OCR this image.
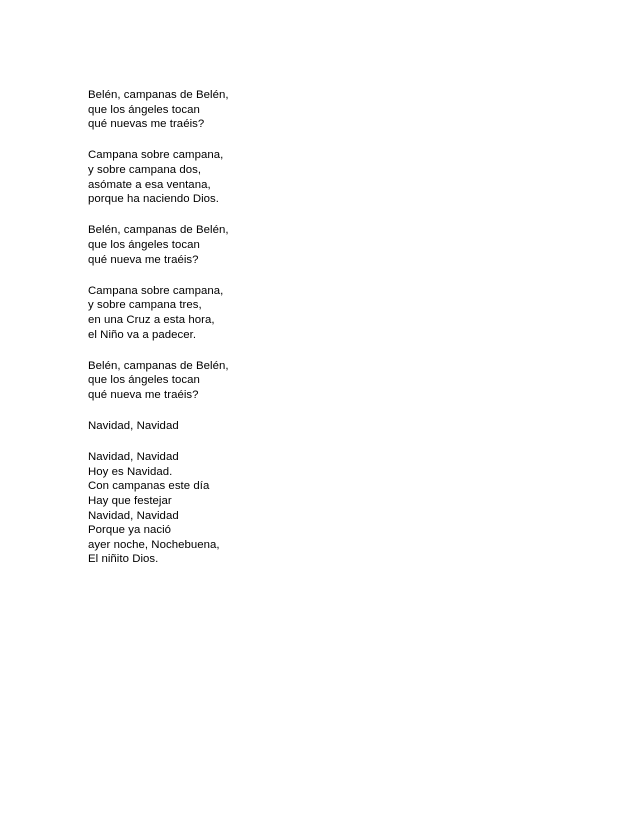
Belén, campanas de Belén,
que los ángeles tocan
qué nuevas me traéis?
Campana sobre campana,
y sobre campana dos,
asómate a esa ventana,
porque ha naciendo Dios.
Belén, campanas de Belén,
que los ángeles tocan
qué nueva me traéis?
Campana sobre campana,
y sobre campana tres,
en una Cruz a esta hora,
el Niño va a padecer.
Belén, campanas de Belén,
que los ángeles tocan
qué nueva me traéis?
Navidad, Navidad
Navidad, Navidad
Hoy es Navidad.
Con campanas este día
Hay que festejar
Navidad, Navidad
Porque ya nació
ayer noche, Nochebuena,
El niñito Dios.
